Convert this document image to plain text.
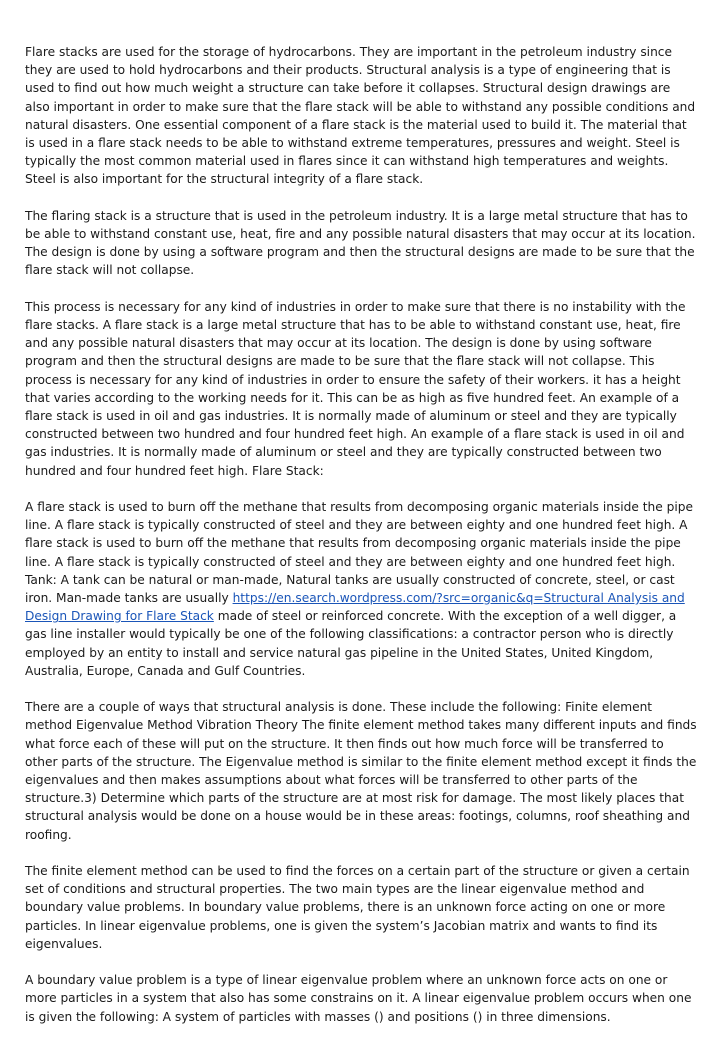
Flare stacks are used for the storage of hydrocarbons. They are important in the petroleum industry since they are used to hold hydrocarbons and their products. Structural analysis is a type of engineering that is used to find out how much weight a structure can take before it collapses. Structural design drawings are also important in order to make sure that the flare stack will be able to withstand any possible conditions and natural disasters. One essential component of a flare stack is the material used to build it. The material that is used in a flare stack needs to be able to withstand extreme temperatures, pressures and weight. Steel is typically the most common material used in flares since it can withstand high temperatures and weights. Steel is also important for the structural integrity of a flare stack.

The flaring stack is a structure that is used in the petroleum industry. It is a large metal structure that has to be able to withstand constant use, heat, fire and any possible natural disasters that may occur at its location. The design is done by using a software program and then the structural designs are made to be sure that the flare stack will not collapse.

This process is necessary for any kind of industries in order to make sure that there is no instability with the flare stacks. A flare stack is a large metal structure that has to be able to withstand constant use, heat, fire and any possible natural disasters that may occur at its location. The design is done by using software program and then the structural designs are made to be sure that the flare stack will not collapse. This process is necessary for any kind of industries in order to ensure the safety of their workers. it has a height that varies according to the working needs for it. This can be as high as five hundred feet. An example of a flare stack is used in oil and gas industries. It is normally made of aluminum or steel and they are typically constructed between two hundred and four hundred feet high. An example of a flare stack is used in oil and gas industries. It is normally made of aluminum or steel and they are typically constructed between two hundred and four hundred feet high. Flare Stack:

A flare stack is used to burn off the methane that results from decomposing organic materials inside the pipe line. A flare stack is typically constructed of steel and they are between eighty and one hundred feet high. A flare stack is used to burn off the methane that results from decomposing organic materials inside the pipe line. A flare stack is typically constructed of steel and they are between eighty and one hundred feet high. Tank: A tank can be natural or man-made, Natural tanks are usually constructed of concrete, steel, or cast iron. Man-made tanks are usually https://en.search.wordpress.com/?src=organic&q=Structural Analysis and Design Drawing for Flare Stack made of steel or reinforced concrete. With the exception of a well digger, a gas line installer would typically be one of the following classifications: a contractor person who is directly employed by an entity to install and service natural gas pipeline in the United States, United Kingdom, Australia, Europe, Canada and Gulf Countries.

There are a couple of ways that structural analysis is done. These include the following: Finite element method Eigenvalue Method Vibration Theory The finite element method takes many different inputs and finds what force each of these will put on the structure. It then finds out how much force will be transferred to other parts of the structure. The Eigenvalue method is similar to the finite element method except it finds the eigenvalues and then makes assumptions about what forces will be transferred to other parts of the structure.3) Determine which parts of the structure are at most risk for damage. The most likely places that structural analysis would be done on a house would be in these areas: footings, columns, roof sheathing and roofing.

The finite element method can be used to find the forces on a certain part of the structure or given a certain set of conditions and structural properties. The two main types are the linear eigenvalue method and boundary value problems. In boundary value problems, there is an unknown force acting on one or more particles. In linear eigenvalue problems, one is given the system’s Jacobian matrix and wants to find its eigenvalues.

A boundary value problem is a type of linear eigenvalue problem where an unknown force acts on one or more particles in a system that also has some constrains on it. A linear eigenvalue problem occurs when one is given the following: A system of particles with masses () and positions () in three dimensions.
